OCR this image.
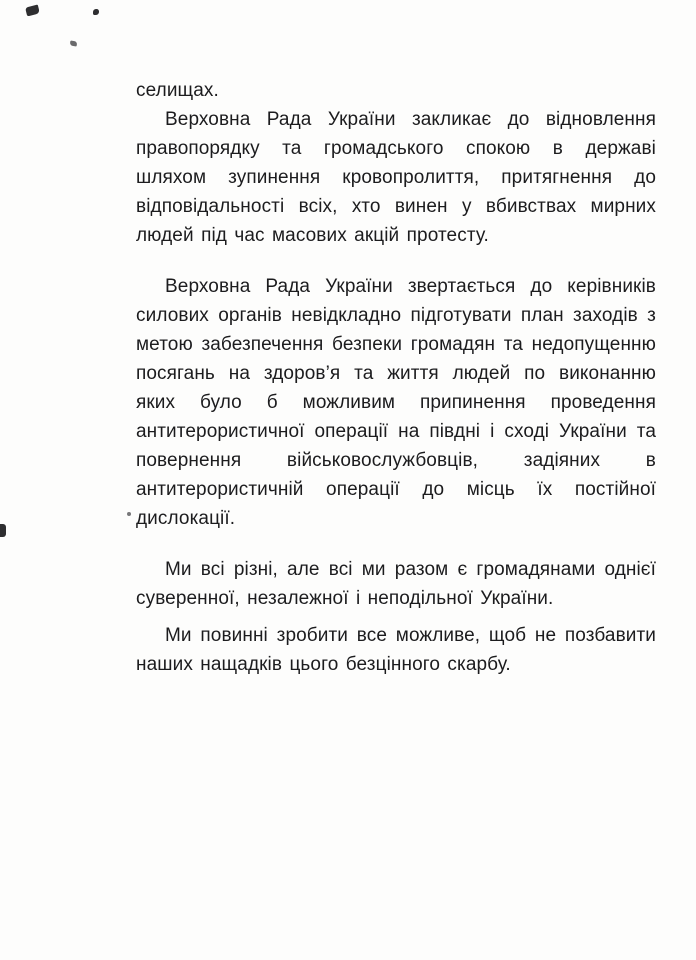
селищах.

Верховна Рада України закликає до відновлення правопорядку та громадського спокою в державі шляхом зупинення кровопролиття, притягнення до відповідальності всіх, хто винен у вбивствах мирних людей під час масових акцій протесту.

Верховна Рада України звертається до керівників силових органів невідкладно підготувати план заходів з метою забезпечення безпеки громадян та недопущенню посягань на здоров’я та життя людей по виконанню яких було б можливим припинення проведення антитерористичної операції на півдні і сході України та повернення військовослужбовців, задіяних в антитерористичній операції до місць їх постійної дислокації.

Ми всі різні, але всі ми разом є громадянами однієї суверенної, незалежної і неподільної України.

Ми повинні зробити все можливе, щоб не позбавити наших нащадків цього безцінного скарбу.
